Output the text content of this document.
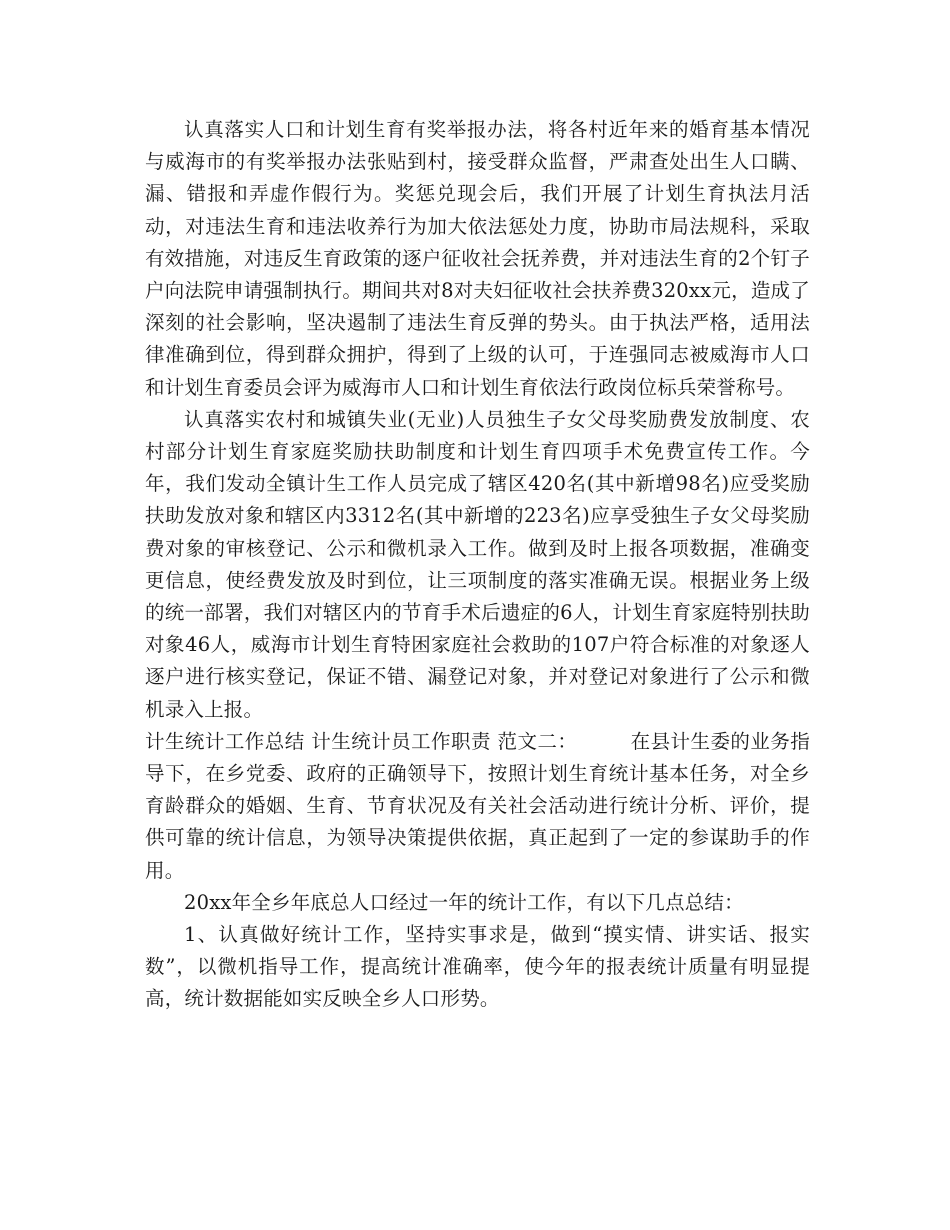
认真落实人口和计划生育有奖举报办法，将各村近年来的婚育基本情况与威海市的有奖举报办法张贴到村，接受群众监督，严肃查处出生人口瞒、漏、错报和弄虚作假行为。奖惩兑现会后，我们开展了计划生育执法月活动，对违法生育和违法收养行为加大依法惩处力度，协助市局法规科，采取有效措施，对违反生育政策的逐户征收社会抚养费，并对违法生育的2个钉子户向法院申请强制执行。期间共对8对夫妇征收社会扶养费320xx元，造成了深刻的社会影响，坚决遏制了违法生育反弹的势头。由于执法严格，适用法律准确到位，得到群众拥护，得到了上级的认可，于连强同志被威海市人口和计划生育委员会评为威海市人口和计划生育依法行政岗位标兵荣誉称号。

认真落实农村和城镇失业(无业)人员独生子女父母奖励费发放制度、农村部分计划生育家庭奖励扶助制度和计划生育四项手术免费宣传工作。今年，我们发动全镇计生工作人员完成了辖区420名(其中新增98名)应受奖励扶助发放对象和辖区内3312名(其中新增的223名)应享受独生子女父母奖励费对象的审核登记、公示和微机录入工作。做到及时上报各项数据，准确变更信息，使经费发放及时到位，让三项制度的落实准确无误。根据业务上级的统一部署，我们对辖区内的节育手术后遗症的6人，计划生育家庭特别扶助对象46人，威海市计划生育特困家庭社会救助的107户符合标准的对象逐人逐户进行核实登记，保证不错、漏登记对象，并对登记对象进行了公示和微机录入上报。

计生统计工作总结 计生统计员工作职责 范文二：	在县计生委的业务指导下，在乡党委、政府的正确领导下，按照计划生育统计基本任务，对全乡育龄群众的婚姻、生育、节育状况及有关社会活动进行统计分析、评价，提供可靠的统计信息，为领导决策提供依据，真正起到了一定的参谋助手的作用。

20xx年全乡年底总人口经过一年的统计工作，有以下几点总结：

1、认真做好统计工作，坚持实事求是，做到“摸实情、讲实话、报实数”，以微机指导工作，提高统计准确率，使今年的报表统计质量有明显提高，统计数据能如实反映全乡人口形势。
